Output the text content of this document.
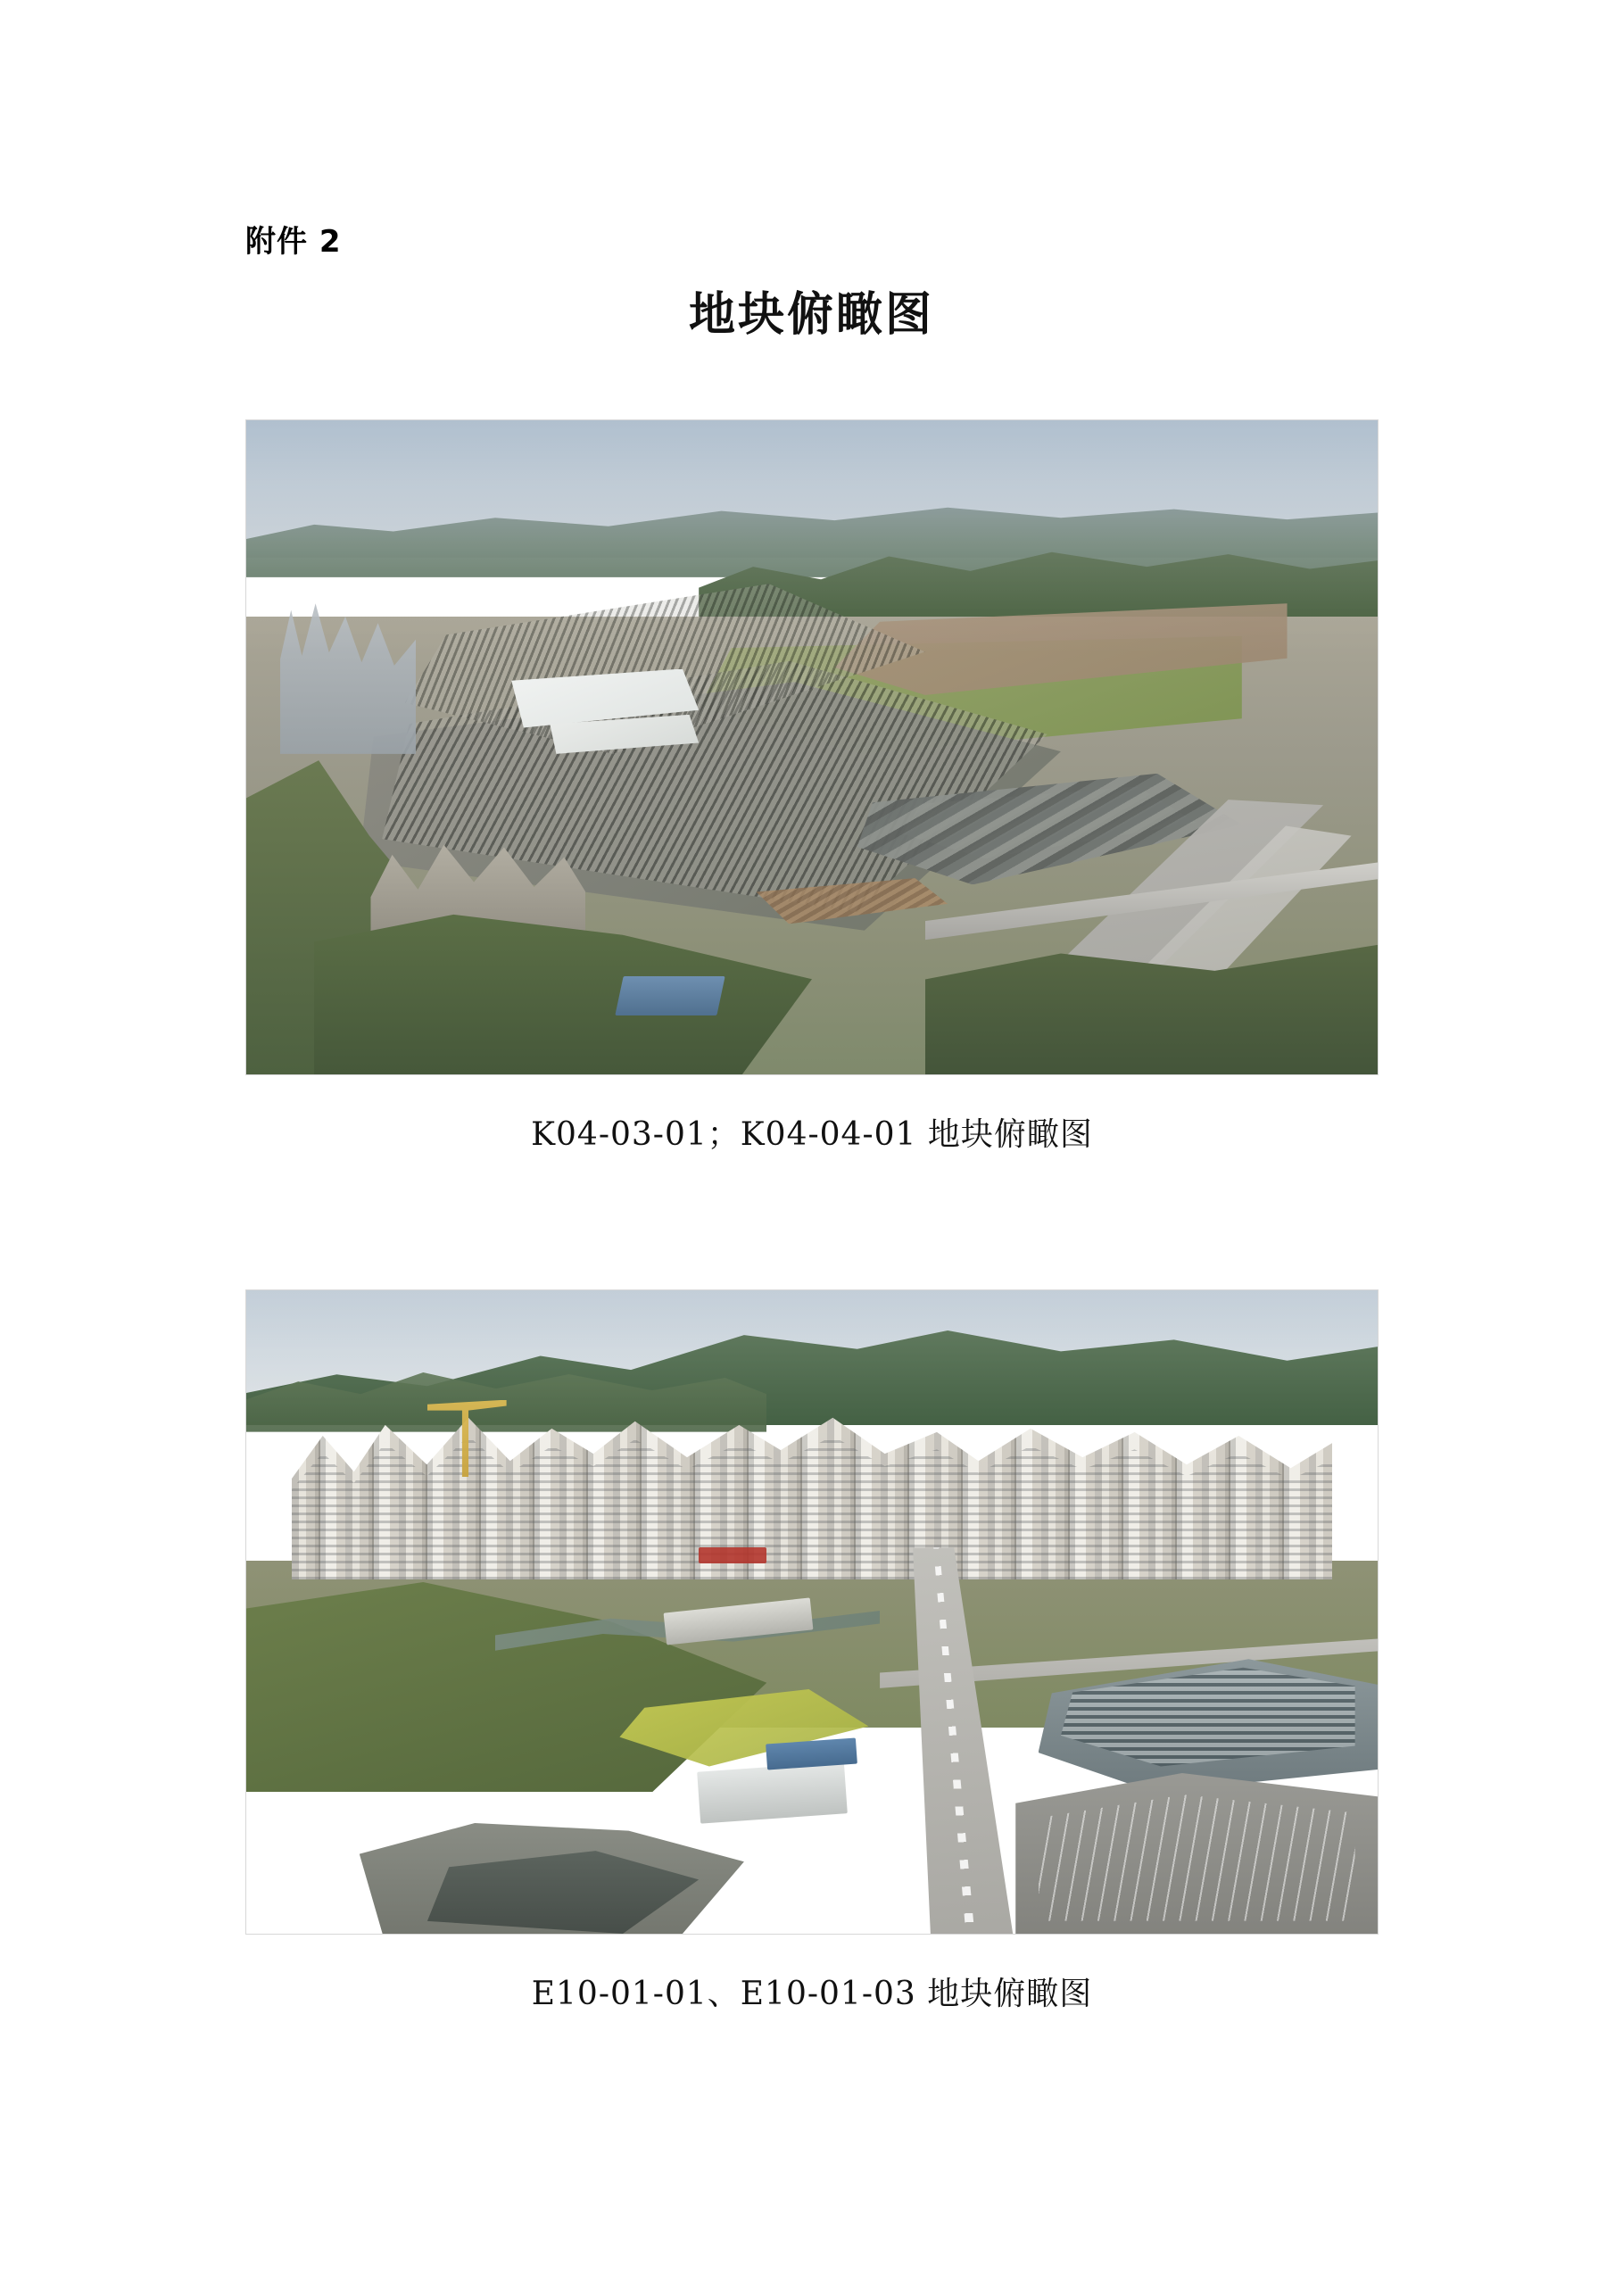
附件 2
地块俯瞰图
K04-03-01；K04-04-01 地块俯瞰图
E10-01-01、E10-01-03 地块俯瞰图
